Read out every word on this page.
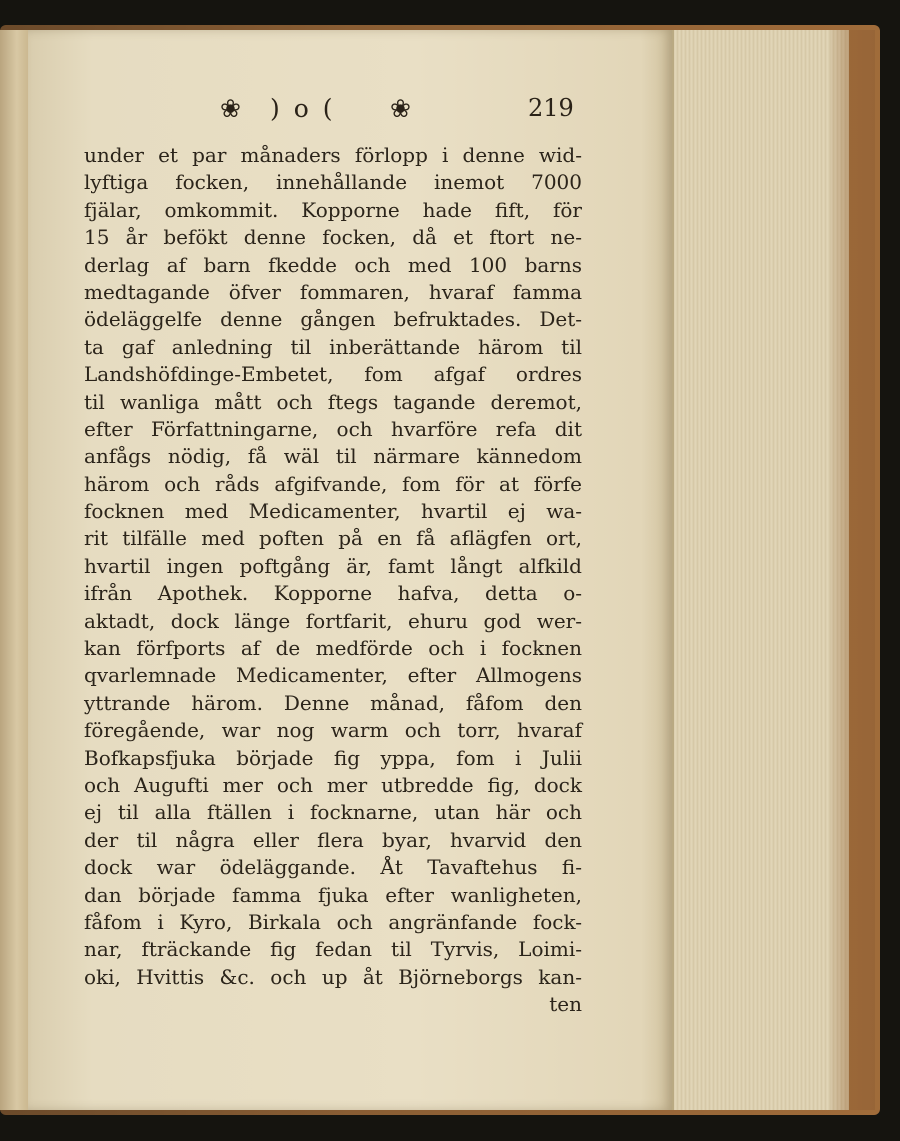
❀ )o( ❀	219
under et par månaders förlopp i denne wid-
lyftiga focken, innehållande inemot 7000
fjälar, omkommit. Kopporne hade fift, för
15 år befökt denne focken, då et ftort ne-
derlag af barn fkedde och med 100 barns
medtagande öfver fommaren, hvaraf famma
ödeläggelfe denne gången befruktades. Det-
ta gaf anledning til inberättande härom til
Landshöfdinge-Embetet, fom afgaf ordres
til wanliga mått och ftegs tagande deremot,
efter Författningarne, och hvarföre refa dit
anfågs nödig, få wäl til närmare kännedom
härom och råds afgifvande, fom för at förfe
focknen med Medicamenter, hvartil ej wa-
rit tilfälle med poften på en få aflägfen ort,
hvartil ingen poftgång är, famt långt alfkild
ifrån Apothek. Kopporne hafva, detta o-
aktadt, dock länge fortfarit, ehuru god wer-
kan förfports af de medförde och i focknen
qvarlemnade Medicamenter, efter Allmogens
yttrande härom. Denne månad, fåfom den
föregående, war nog warm och torr, hvaraf
Bofkapsfjuka började fig yppa, fom i Julii
och Augufti mer och mer utbredde fig, dock
ej til alla ftällen i focknarne, utan här och
der til några eller flera byar, hvarvid den
dock war ödeläggande. Åt Tavaftehus fi-
dan började famma fjuka efter wanligheten,
fåfom i Kyro, Birkala och angränfande fock-
nar, fträckande fig fedan til Tyrvis, Loimi-
oki, Hvittis &c. och up åt Björneborgs kan-
ten
